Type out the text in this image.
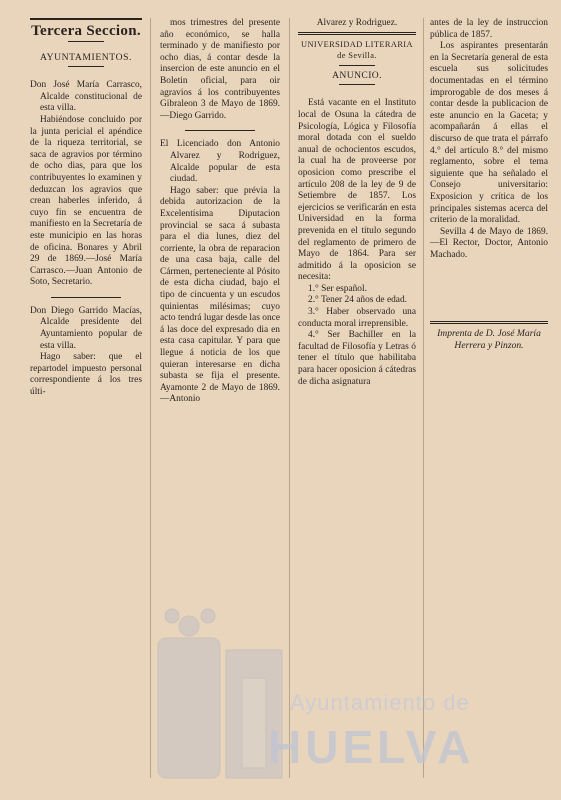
Tercera Seccion.
AYUNTAMIENTOS.

Don José María Carrasco, Alcalde constitucional de esta villa.

Habiéndose concluido por la junta pericial el apéndice de la riqueza territorial, se saca de agravios por término de ocho dias, para que los contribuyentes lo examinen y deduzcan los agravios que crean haberles inferido, á cuyo fin se encuentra de manifiesto en la Secretaría de este municipio en las horas de oficina. Bonares y Abril 29 de 1869.—José María Carrasco.—Juan Antonio de Soto, Secretario.

Don Diego Garrido Macías, Alcalde presidente del Ayuntamiento popular de esta villa.

Hago saber: que el repartodel impuesto personal correspondiente á los tres últi-

mos trimestres del presente año económico, se halla terminado y de manifiesto por ocho dias, á contar desde la insercion de este anuncio en el Boletin oficial, para oir agravios á los contribuyentes Gibraleon 3 de Mayo de 1869. —Diego Garrido.

El Licenciado don Antonio Alvarez y Rodriguez, Alcalde popular de esta ciudad.

Hago saber: que prévia la debida autorizacion de la Excelentísima Diputacion provincial se saca á subasta para el dia lunes, diez del corriente, la obra de reparacion de una casa baja, calle del Cármen, perteneciente al Pósito de esta dicha ciudad, bajo el tipo de cincuenta y un escudos quinientas milésimas; cuyo acto tendrá lugar desde las once á las doce del expresado dia en esta casa capitular. Y para que llegue á noticia de los que quieran interesarse en dicha subasta se fija el presente. Ayamonte 2 de Mayo de 1869.—Antonio

Alvarez y Rodriguez.

UNIVERSIDAD LITERARIA
de Sevilla.
ANUNCIO.

Está vacante en el Instituto local de Osuna la cátedra de Psicología, Lógica y Filosofía moral dotada con el sueldo anual de ochocientos escudos, la cual ha de proveerse por oposicion como prescribe el artículo 208 de la ley de 9 de Setiembre de 1857. Los ejercicios se verificarán en esta Universidad en la forma prevenida en el título segundo del reglamento de primero de Mayo de 1864. Para ser admitido á la oposicion se necesita:

1.° Ser español.

2.° Tener 24 años de edad.

3.° Haber observado una conducta moral irreprensible.

4.° Ser Bachiller en la facultad de Filosofía y Letras ó tener el título que habilitaba para hacer oposicion á cátedras de dicha asignatura

antes de la ley de instruccion pública de 1857.

Los aspirantes presentarán en la Secretaría general de esta escuela sus solicitudes documentadas en el término improrogable de dos meses á contar desde la publicacion de este anuncio en la Gaceta; y acompañarán á ellas el discurso de que trata el párrafo 4.° del artículo 8.° del mismo reglamento, sobre el tema siguiente que ha señalado el Consejo universitario: Exposicion y crítica de los principales sistemas acerca del criterio de la moralidad.

Sevilla 4 de Mayo de 1869. —El Rector, Doctor, Antonio Machado.

Imprenta de D. José María Herrera y Pinzon.
Ayuntamiento de
HUELVA
